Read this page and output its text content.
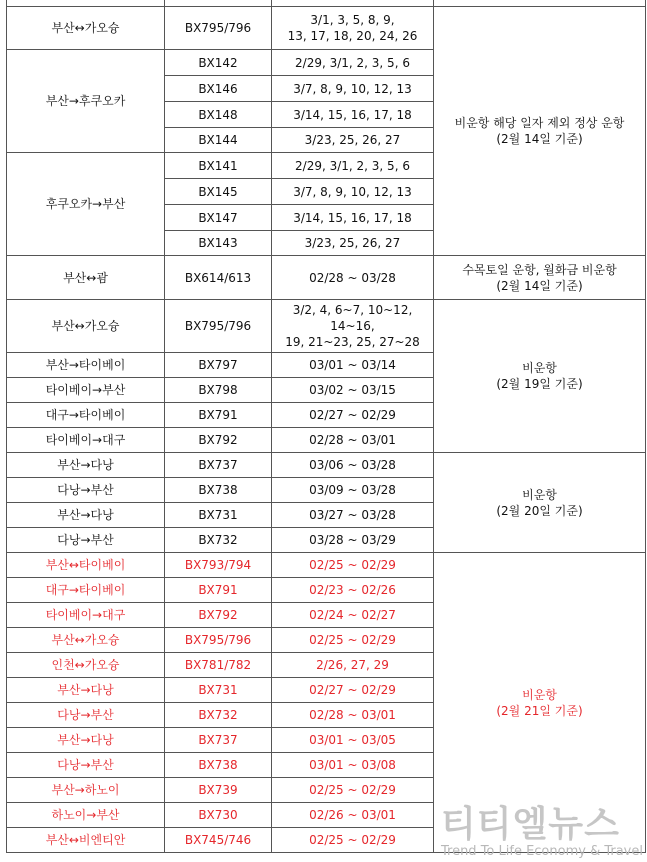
부산↔가오슝	BX795/796	3/1, 3, 5, 8, 9,
13, 17, 18, 20, 24, 26	비운항 해당 일자 제외 정상 운항
(2월 14일 기준)
부산→후쿠오카	BX142	2/29, 3/1, 2, 3, 5, 6	
	BX146	3/7, 8, 9, 10, 12, 13	
	BX148	3/14, 15, 16, 17, 18	
	BX144	3/23, 25, 26, 27	
후쿠오카→부산	BX141	2/29, 3/1, 2, 3, 5, 6	
	BX145	3/7, 8, 9, 10, 12, 13	
	BX147	3/14, 15, 16, 17, 18	
	BX143	3/23, 25, 26, 27	
부산↔괌	BX614/613	02/28 ~ 03/28	수목토일 운항, 월화금 비운항
(2월 14일 기준)
부산↔가오슝	BX795/796	3/2, 4, 6~7, 10~12,
14~16,
19, 21~23, 25, 27~28	비운항
(2월 19일 기준)
부산→타이베이	BX797	03/01 ~ 03/14	
타이베이→부산	BX798	03/02 ~ 03/15	
대구→타이베이	BX791	02/27 ~ 02/29	
타이베이→대구	BX792	02/28 ~ 03/01	
부산→다낭	BX737	03/06 ~ 03/28	비운항
(2월 20일 기준)
다낭→부산	BX738	03/09 ~ 03/28	
부산→다낭	BX731	03/27 ~ 03/28	
다낭→부산	BX732	03/28 ~ 03/29	
부산↔타이베이	BX793/794	02/25 ~ 02/29	비운항
(2월 21일 기준)
대구→타이베이	BX791	02/23 ~ 02/26	
타이베이→대구	BX792	02/24 ~ 02/27	
부산↔가오슝	BX795/796	02/25 ~ 02/29	
인천↔가오슝	BX781/782	2/26, 27, 29	
부산→다낭	BX731	02/27 ~ 02/29	
다낭→부산	BX732	02/28 ~ 03/01	
부산→다낭	BX737	03/01 ~ 03/05	
다낭→부산	BX738	03/01 ~ 03/08	
부산→하노이	BX739	02/25 ~ 02/29	
하노이→부산	BX730	02/26 ~ 03/01	
부산↔비엔티안	BX745/746	02/25 ~ 02/29	티티엘뉴스
Trend To Life Economy & Travel
